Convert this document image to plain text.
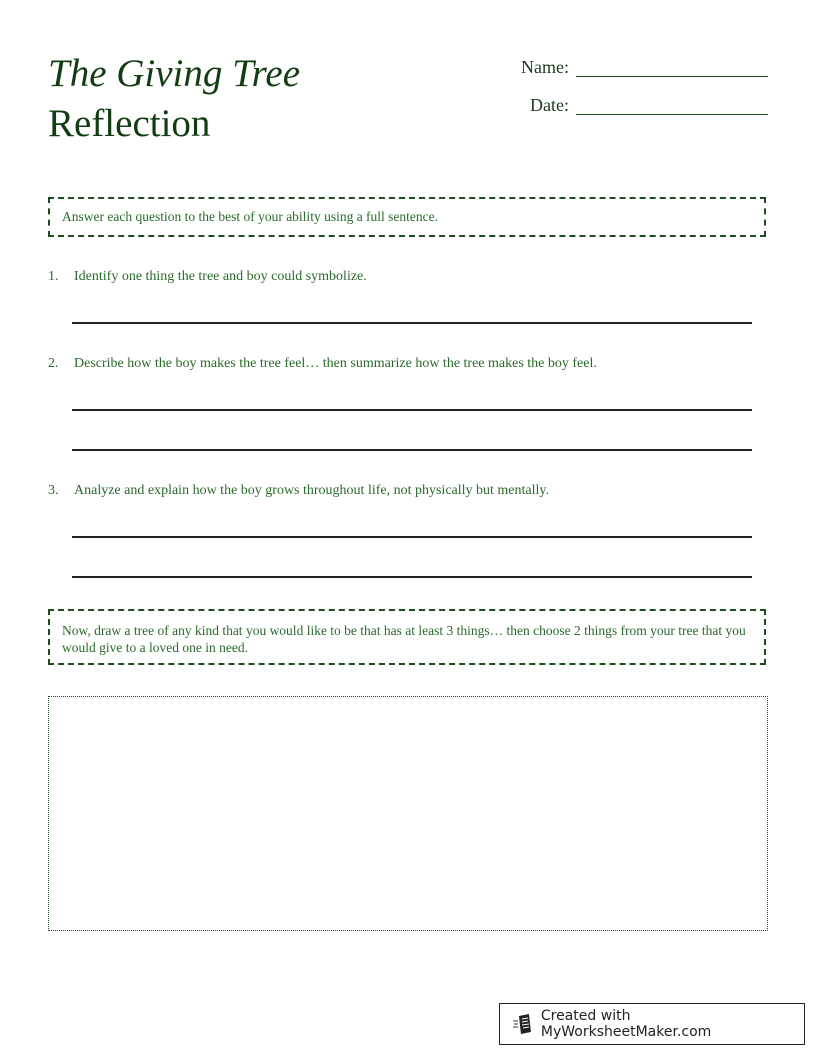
The Giving Tree
Reflection
Name:
Date:
Answer each question to the best of your ability using a full sentence.
1.	Identify one thing the tree and boy could symbolize.
2.	Describe how the boy makes the tree feel… then summarize how the tree makes the boy feel.
3.	Analyze and explain how the boy grows throughout life, not physically but mentally.
Now, draw a tree of any kind that you would like to be that has at least 3 things… then choose 2 things from your tree that you would give to a loved one in need.
Created with MyWorksheetMaker.com
